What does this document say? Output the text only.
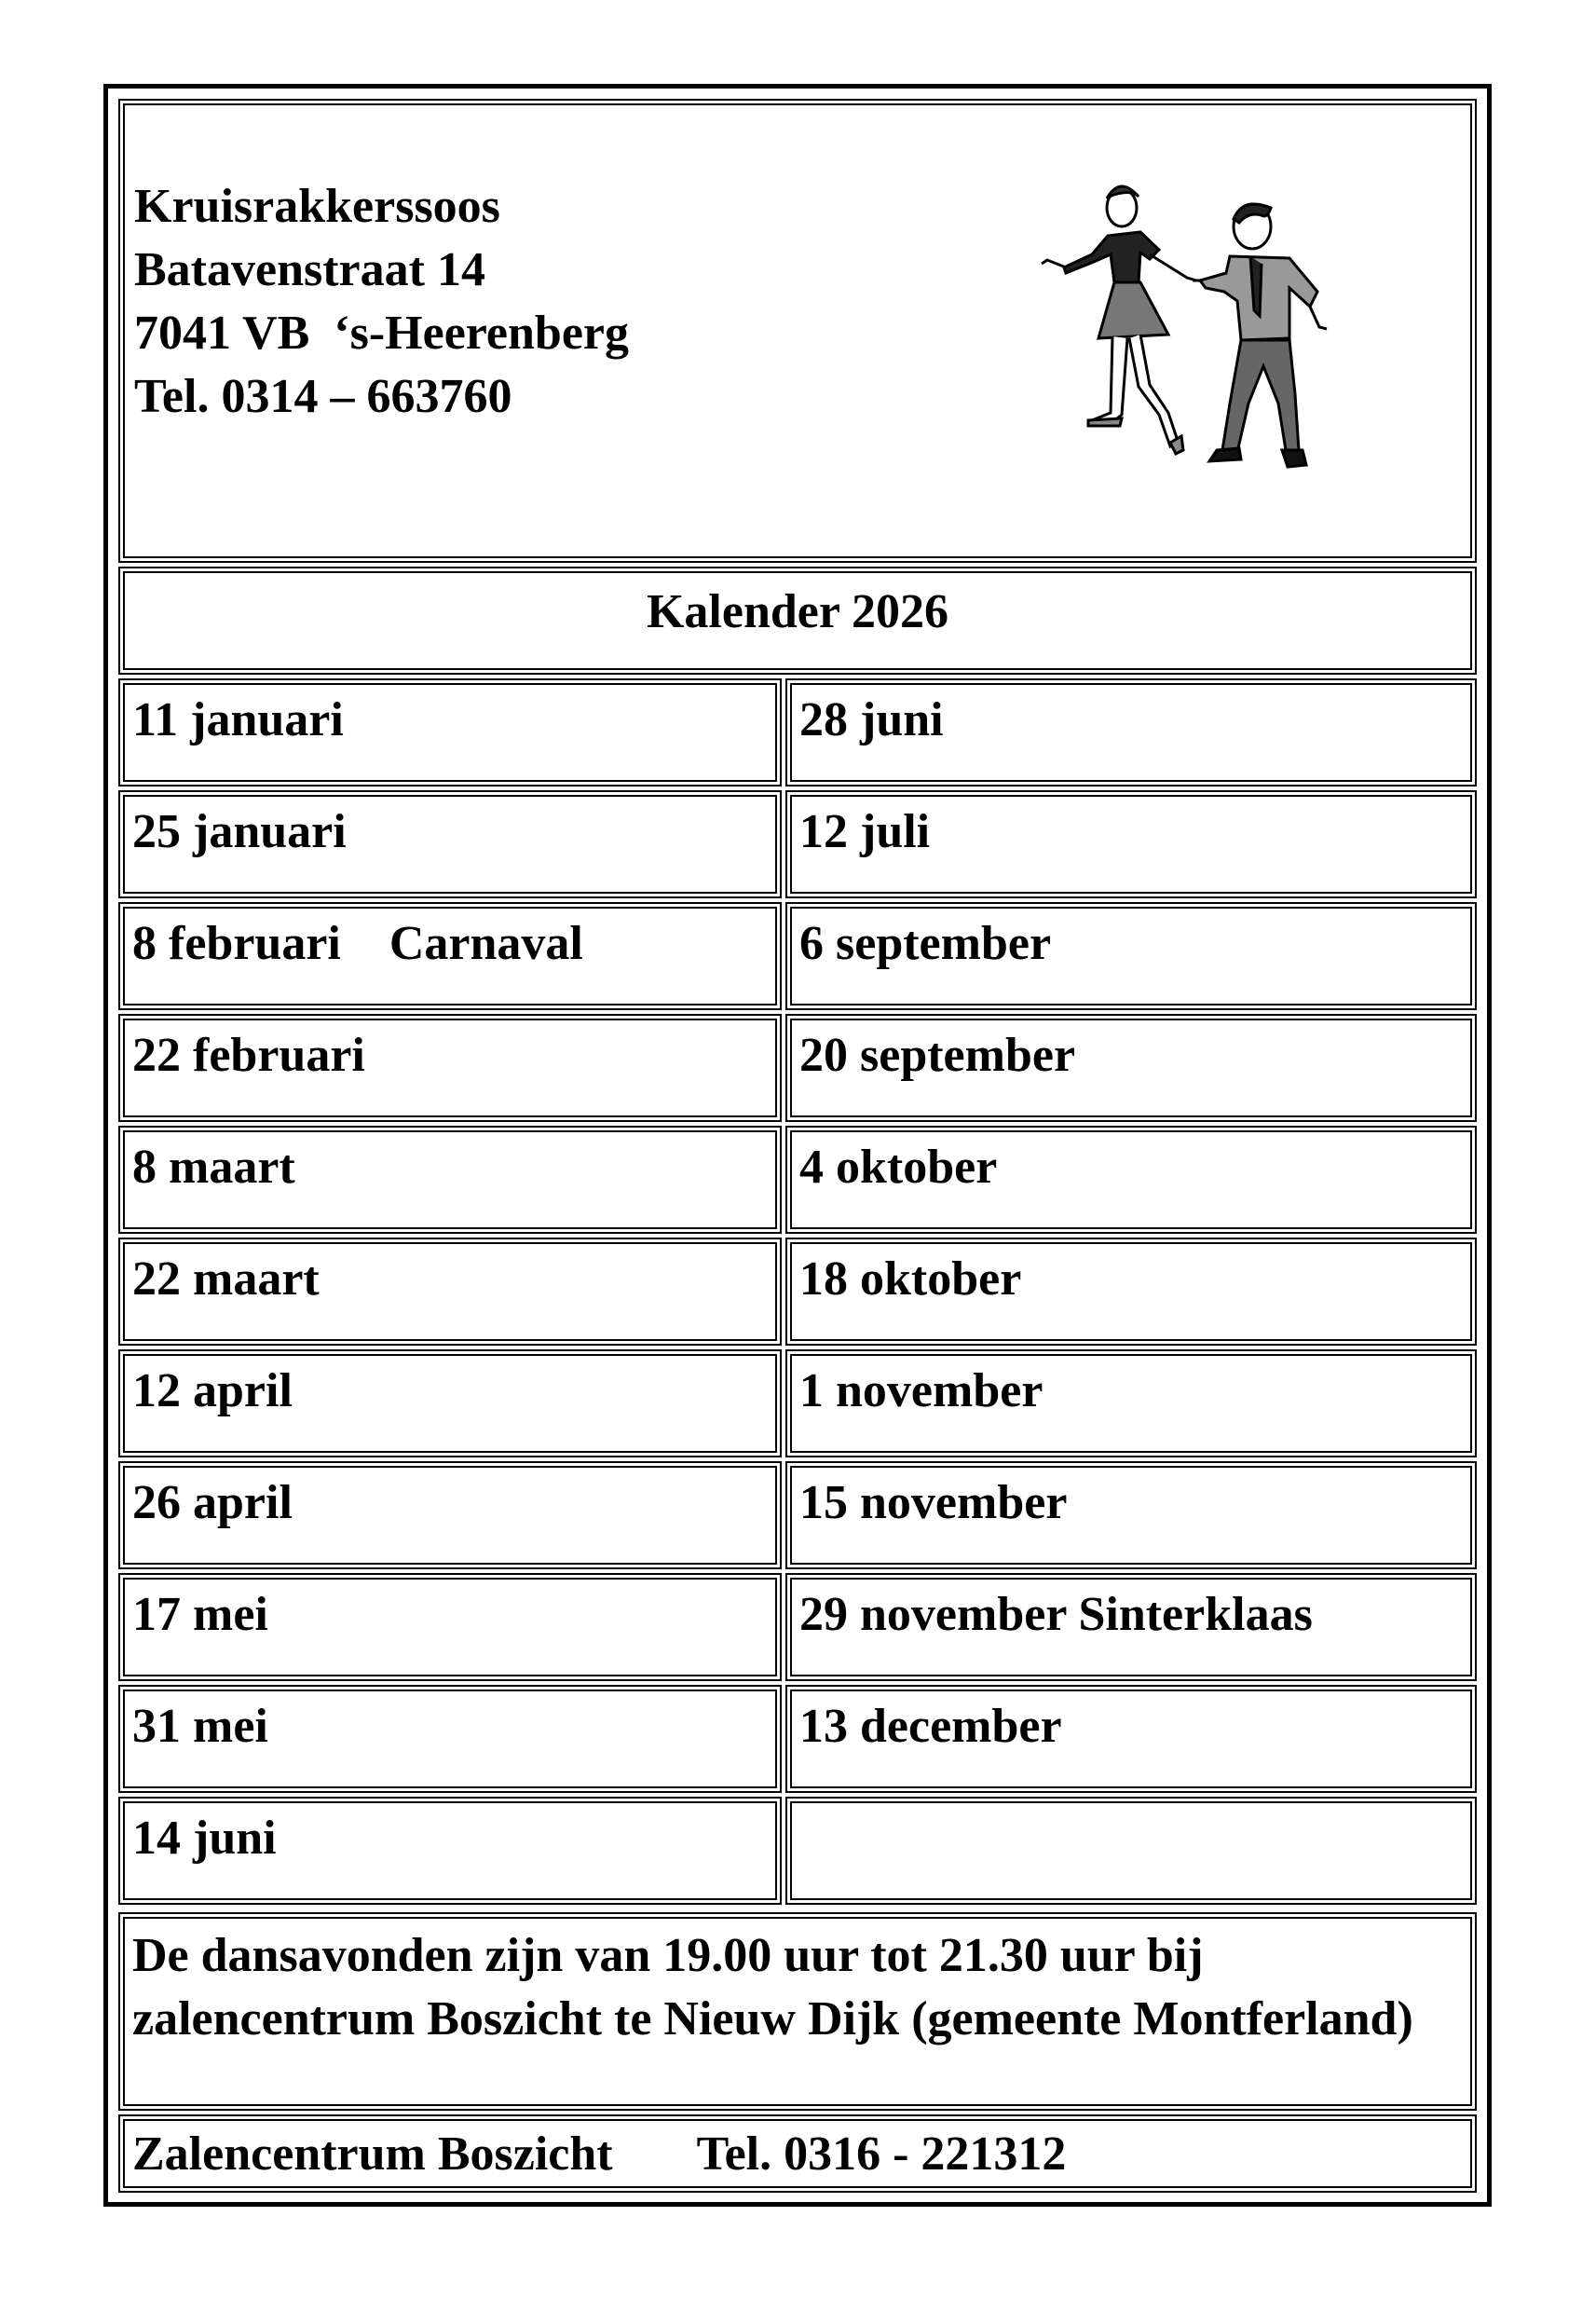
Kruisrakkerssoos
Batavenstraat 14
7041 VB  ‘s-Heerenberg
Tel. 0314 – 663760
Kalender 2026
11 januari
25 januari
8 februari    Carnaval
22 februari
8 maart
22 maart
12 april
26 april
17 mei
31 mei
14 juni
28 juni
12 juli
6 september
20 september
4 oktober
18 oktober
1 november
15 november
29 november Sinterklaas
13 december
De dansavonden zijn van 19.00 uur tot 21.30 uur bij zalencentrum Boszicht te Nieuw Dijk (gemeente Montferland)
Zalencentrum Boszicht       Tel. 0316 - 221312
